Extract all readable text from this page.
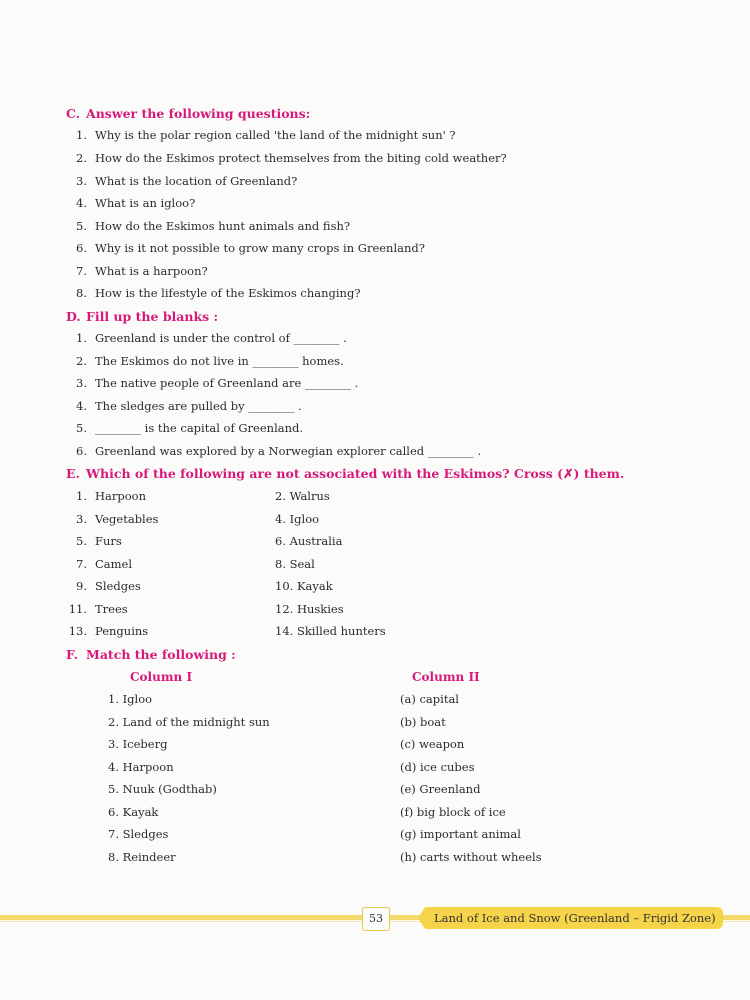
C. Answer the following questions:
1. Why is the polar region called 'the land of the midnight sun' ?
2. How do the Eskimos protect themselves from the biting cold weather?
3. What is the location of Greenland?
4. What is an igloo?
5. How do the Eskimos hunt animals and fish?
6. Why is it not possible to grow many crops in Greenland?
7. What is a harpoon?
8. How is the lifestyle of the Eskimos changing?
D. Fill up the blanks :
1. Greenland is under the control of ________ .
2. The Eskimos do not live in ________ homes.
3. The native people of Greenland are ________ .
4. The sledges are pulled by ________ .
5. ________ is the capital of Greenland.
6. Greenland was explored by a Norwegian explorer called ________ .
E. Which of the following are not associated with the Eskimos? Cross (✗) them.
1. Harpoon
3. Vegetables
5. Furs
7. Camel
9. Sledges
11. Trees
13. Penguins
2. Walrus
4. Igloo
6. Australia
8. Seal
10. Kayak
12. Huskies
14. Skilled hunters
F. Match the following :
Column I	Column II
1. Igloo
2. Land of the midnight sun
3. Iceberg
4. Harpoon
5. Nuuk (Godthab)
6. Kayak
7. Sledges
8. Reindeer
(a) capital
(b) boat
(c) weapon
(d) ice cubes
(e) Greenland
(f) big block of ice
(g) important animal
(h) carts without wheels
53	Land of Ice and Snow (Greenland – Frigid Zone)
